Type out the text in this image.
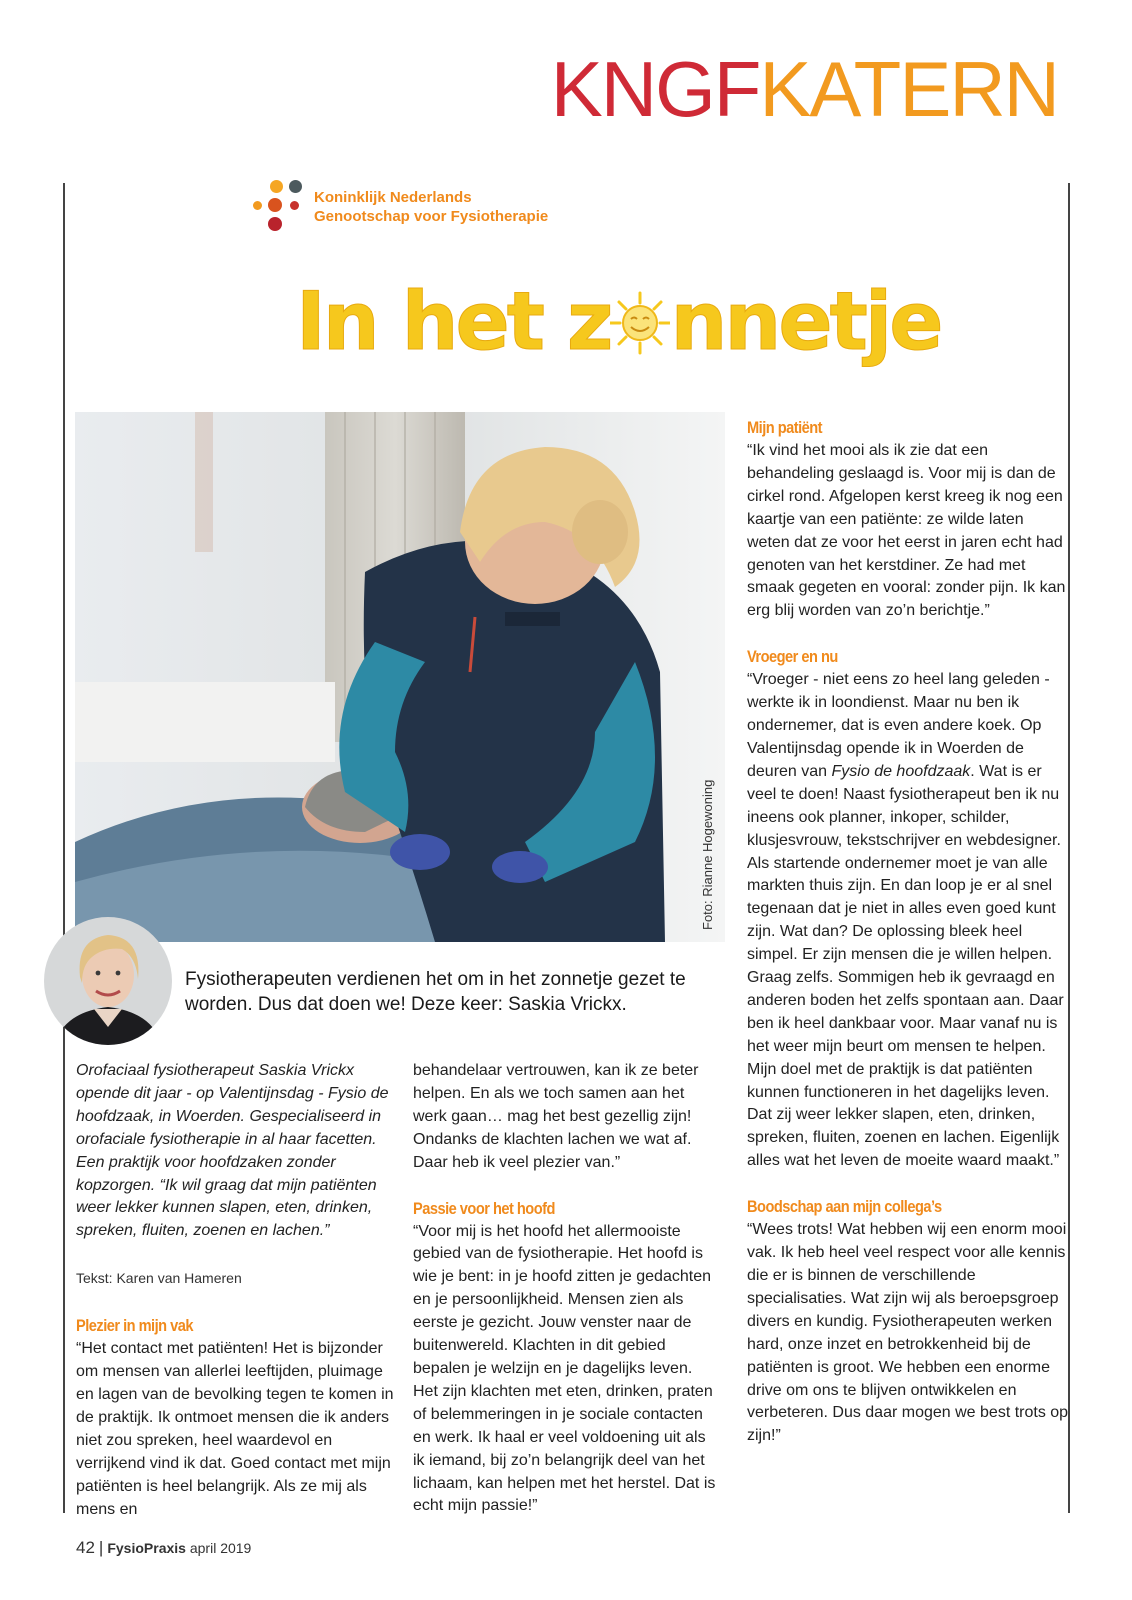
KNGFKATERN
Koninklijk Nederlands
Genootschap voor Fysiotherapie
In het z nnetje
Foto: Rianne Hogewoning
Fysiotherapeuten verdienen het om in het zonnetje gezet te worden. Dus dat doen we! Deze keer: Saskia Vrickx.

Orofaciaal fysiotherapeut Saskia Vrickx opende dit jaar - op Valentijnsdag - Fysio de hoofdzaak, in Woerden. Gespecialiseerd in orofaciale fysiotherapie in al haar facetten. Een praktijk voor hoofdzaken zonder kopzorgen. “Ik wil graag dat mijn patiënten weer lekker kunnen slapen, eten, drinken, spreken, fluiten, zoenen en lachen.”

Tekst: Karen van Hameren

Plezier in mijn vak

“Het contact met patiënten! Het is bijzonder om mensen van allerlei leeftijden, pluimage en lagen van de bevolking tegen te komen in de praktijk. Ik ontmoet mensen die ik anders niet zou spreken, heel waardevol en verrijkend vind ik dat. Goed contact met mijn patiënten is heel belangrijk. Als ze mij als mens en

behandelaar vertrouwen, kan ik ze beter helpen. En als we toch samen aan het werk gaan… mag het best gezellig zijn! Ondanks de klachten lachen we wat af. Daar heb ik veel plezier van.”

Passie voor het hoofd

“Voor mij is het hoofd het allermooiste gebied van de fysiotherapie. Het hoofd is wie je bent: in je hoofd zitten je gedachten en je persoonlijkheid. Mensen zien als eerste je gezicht. Jouw venster naar de buitenwereld. Klachten in dit gebied bepalen je welzijn en je dagelijks leven. Het zijn klachten met eten, drinken, praten of belemmeringen in je sociale contacten en werk. Ik haal er veel voldoening uit als ik iemand, bij zo’n belangrijk deel van het lichaam, kan helpen met het herstel. Dat is echt mijn passie!”

Mijn patiënt

“Ik vind het mooi als ik zie dat een behandeling geslaagd is. Voor mij is dan de cirkel rond. Afgelopen kerst kreeg ik nog een kaartje van een patiënte: ze wilde laten weten dat ze voor het eerst in jaren echt had genoten van het kerstdiner. Ze had met smaak gegeten en vooral: zonder pijn. Ik kan erg blij worden van zo’n berichtje.”

Vroeger en nu

“Vroeger - niet eens zo heel lang geleden - werkte ik in loondienst. Maar nu ben ik ondernemer, dat is even andere koek. Op Valentijnsdag opende ik in Woerden de deuren van Fysio de hoofdzaak. Wat is er veel te doen! Naast fysiotherapeut ben ik nu ineens ook planner, inkoper, schilder, klusjesvrouw, tekstschrijver en webdesigner. Als startende ondernemer moet je van alle markten thuis zijn. En dan loop je er al snel tegenaan dat je niet in alles even goed kunt zijn. Wat dan? De oplossing bleek heel simpel. Er zijn mensen die je willen helpen. Graag zelfs. Sommigen heb ik gevraagd en anderen boden het zelfs spontaan aan. Daar ben ik heel dankbaar voor. Maar vanaf nu is het weer mijn beurt om mensen te helpen. Mijn doel met de praktijk is dat patiënten kunnen functioneren in het dagelijks leven. Dat zij weer lekker slapen, eten, drinken, spreken, fluiten, zoenen en lachen. Eigenlijk alles wat het leven de moeite waard maakt.”

Boodschap aan mijn collega’s

“Wees trots! Wat hebben wij een enorm mooi vak. Ik heb heel veel respect voor alle kennis die er is binnen de verschillende specialisaties. Wat zijn wij als beroepsgroep divers en kundig. Fysiotherapeuten werken hard, onze inzet en betrokkenheid bij de patiënten is groot. We hebben een enorme drive om ons te blijven ontwikkelen en verbeteren. Dus daar mogen we best trots op zijn!”

42 | FysioPraxis april 2019
